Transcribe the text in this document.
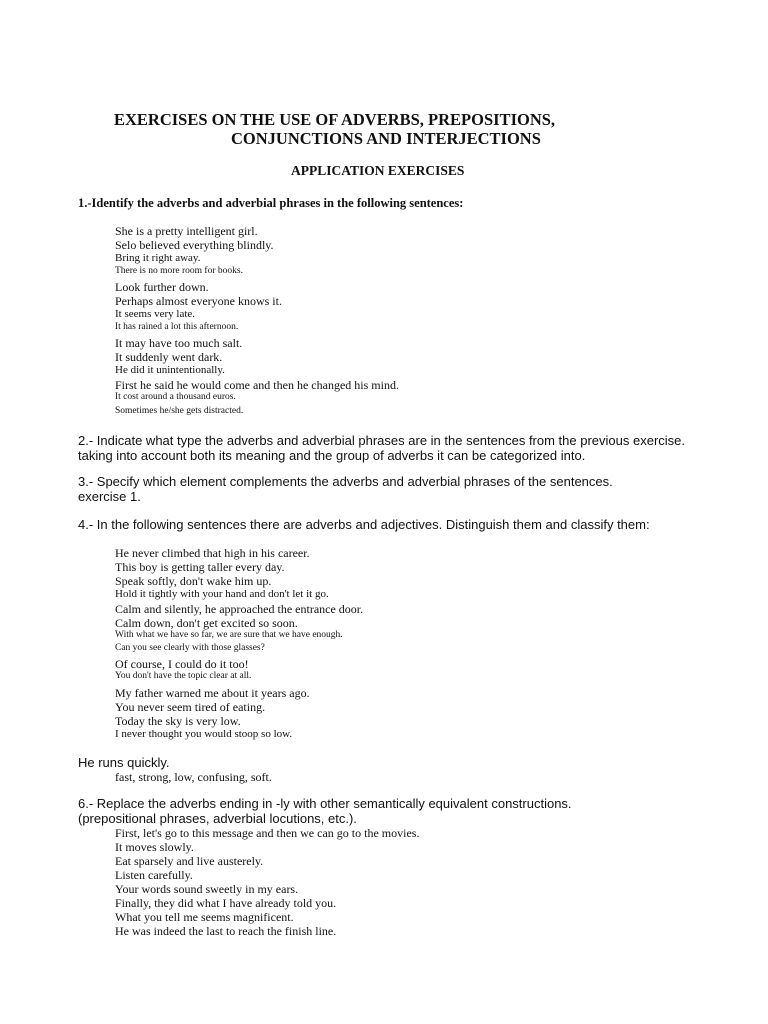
EXERCISES ON THE USE OF ADVERBS, PREPOSITIONS,
CONJUNCTIONS AND INTERJECTIONS
APPLICATION EXERCISES
1.-Identify the adverbs and adverbial phrases in the following sentences:
She is a pretty intelligent girl.
Selo believed everything blindly.
Bring it right away.
There is no more room for books.
Look further down.
Perhaps almost everyone knows it.
It seems very late.
It has rained a lot this afternoon.
It may have too much salt.
It suddenly went dark.
He did it unintentionally.
First he said he would come and then he changed his mind.
It cost around a thousand euros.
Sometimes he/she gets distracted.
2.- Indicate what type the adverbs and adverbial phrases are in the sentences from the previous exercise.
taking into account both its meaning and the group of adverbs it can be categorized into.
3.- Specify which element complements the adverbs and adverbial phrases of the sentences.
exercise 1.
4.- In the following sentences there are adverbs and adjectives. Distinguish them and classify them:
He never climbed that high in his career.
This boy is getting taller every day.
Speak softly, don't wake him up.
Hold it tightly with your hand and don't let it go.
Calm and silently, he approached the entrance door.
Calm down, don't get excited so soon.
With what we have so far, we are sure that we have enough.
Can you see clearly with those glasses?
Of course, I could do it too!
You don't have the topic clear at all.
My father warned me about it years ago.
You never seem tired of eating.
Today the sky is very low.
I never thought you would stoop so low.
He runs quickly.
fast, strong, low, confusing, soft.
6.- Replace the adverbs ending in -ly with other semantically equivalent constructions.
(prepositional phrases, adverbial locutions, etc.).
First, let's go to this message and then we can go to the movies.
It moves slowly.
Eat sparsely and live austerely.
Listen carefully.
Your words sound sweetly in my ears.
Finally, they did what I have already told you.
What you tell me seems magnificent.
He was indeed the last to reach the finish line.
